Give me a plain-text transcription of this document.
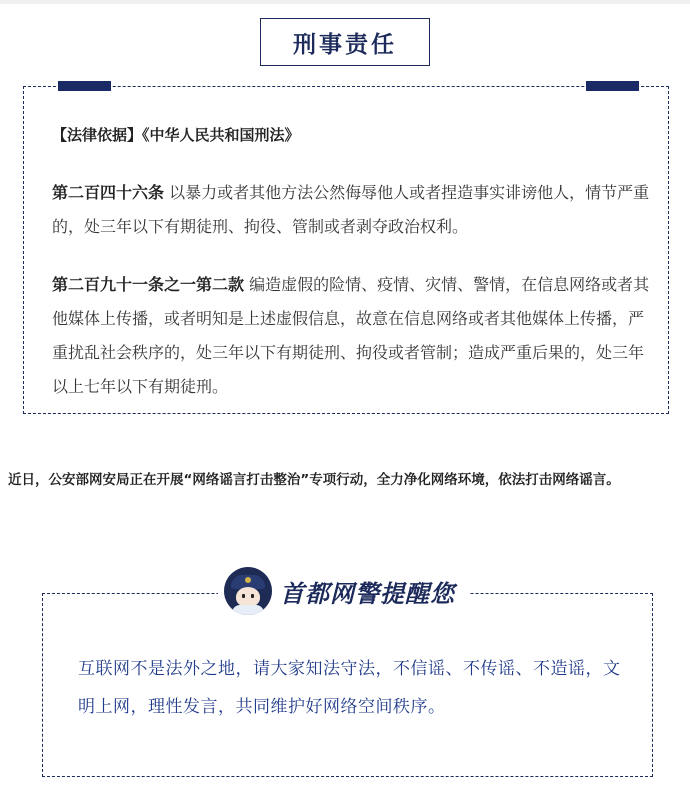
刑事责任
【法律依据】《中华人民共和国刑法》
第二百四十六条 以暴力或者其他方法公然侮辱他人或者捏造事实诽谤他人，情节严重的，处三年以下有期徒刑、拘役、管制或者剥夺政治权利。
第二百九十一条之一第二款 编造虚假的险情、疫情、灾情、警情，在信息网络或者其他媒体上传播，或者明知是上述虚假信息，故意在信息网络或者其他媒体上传播，严重扰乱社会秩序的，处三年以下有期徒刑、拘役或者管制；造成严重后果的，处三年以上七年以下有期徒刑。
近日，公安部网安局正在开展“网络谣言打击整治”专项行动，全力净化网络环境，依法打击网络谣言。
首都网警提醒您
互联网不是法外之地，请大家知法守法，不信谣、不传谣、不造谣，文明上网，理性发言，共同维护好网络空间秩序。
